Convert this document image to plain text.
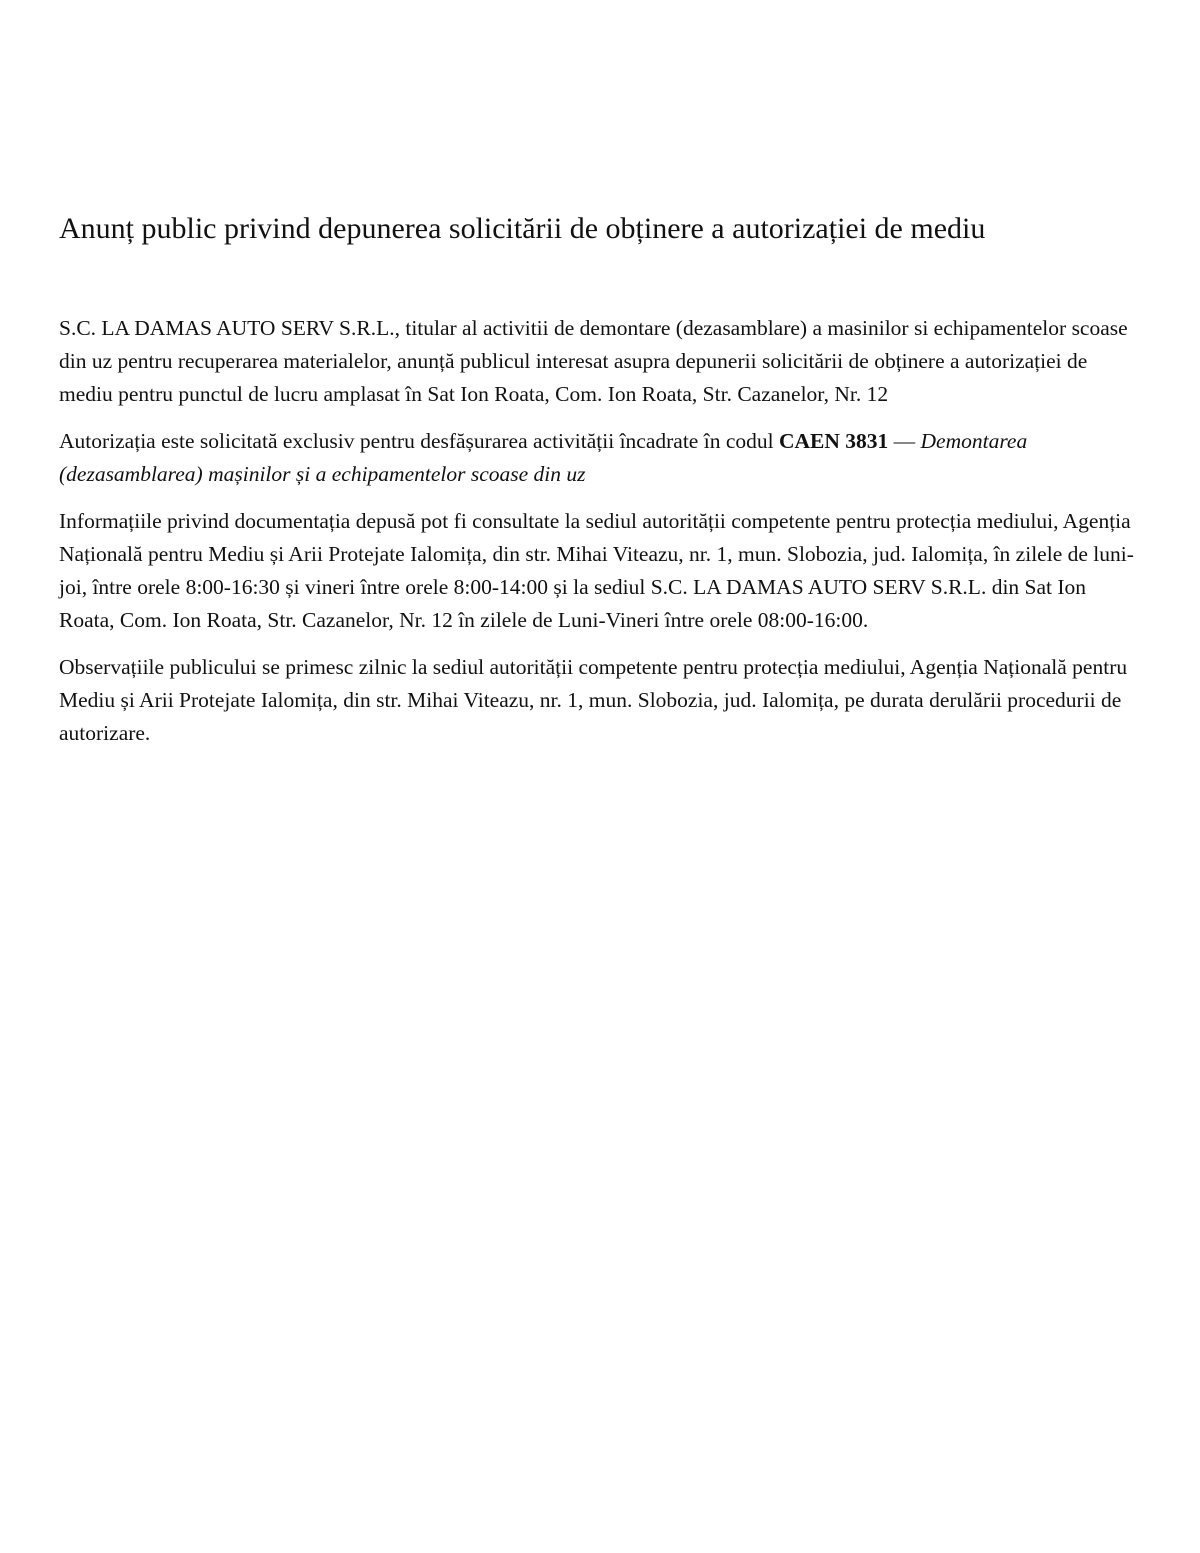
Anunț public privind depunerea solicitării de obținere a autorizației de mediu

S.C. LA DAMAS AUTO SERV S.R.L., titular al activitii de demontare (dezasamblare) a masinilor si echipamentelor scoase din uz pentru recuperarea materialelor, anunță publicul interesat asupra depunerii solicitării de obținere a autorizației de mediu pentru punctul de lucru amplasat în Sat Ion Roata, Com. Ion Roata, Str. Cazanelor, Nr. 12

Autorizația este solicitată exclusiv pentru desfășurarea activității încadrate în codul CAEN 3831 — Demontarea (dezasamblarea) mașinilor și a echipamentelor scoase din uz

Informațiile privind documentația depusă pot fi consultate la sediul autorității competente pentru protecția mediului, Agenția Națională pentru Mediu și Arii Protejate Ialomița, din str. Mihai Viteazu, nr. 1, mun. Slobozia, jud. Ialomița, în zilele de luni-joi, între orele 8:00-16:30 și vineri între orele 8:00-14:00 și la sediul S.C. LA DAMAS AUTO SERV S.R.L. din Sat Ion Roata, Com. Ion Roata, Str. Cazanelor, Nr. 12 în zilele de Luni-Vineri între orele 08:00-16:00.

Observațiile publicului se primesc zilnic la sediul autorității competente pentru protecția mediului, Agenția Națională pentru Mediu și Arii Protejate Ialomița, din str. Mihai Viteazu, nr. 1, mun. Slobozia, jud. Ialomița, pe durata derulării procedurii de autorizare.
